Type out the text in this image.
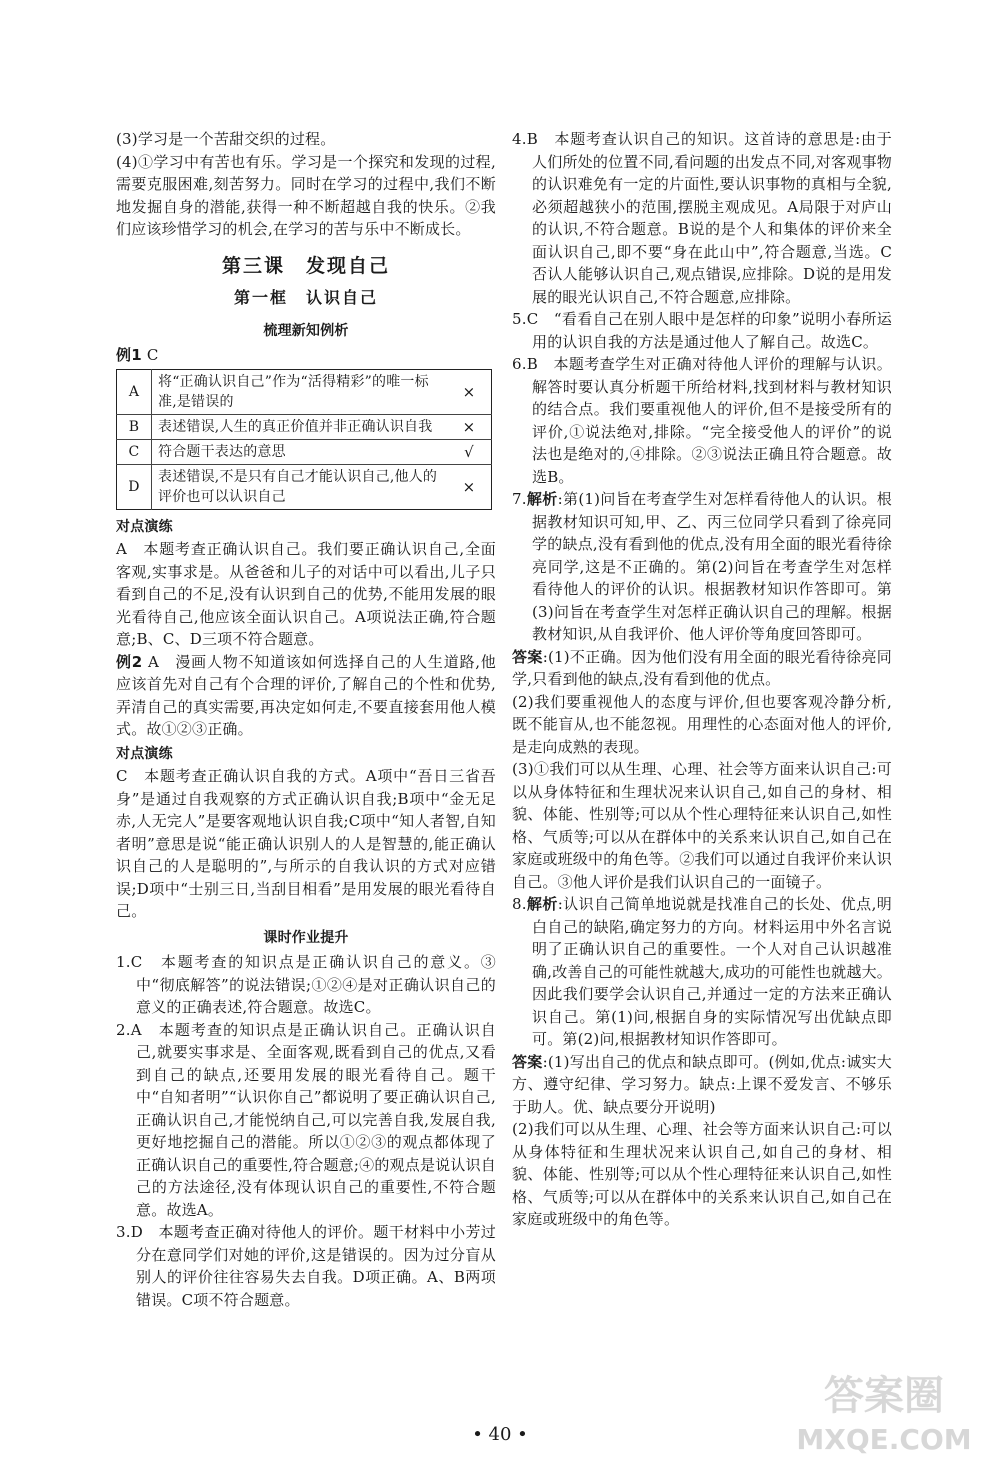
(3)学习是一个苦甜交织的过程。

(4)①学习中有苦也有乐。学习是一个探究和发现的过程,需要克服困难,刻苦努力。同时在学习的过程中,我们不断地发掘自身的潜能,获得一种不断超越自我的快乐。②我们应该珍惜学习的机会,在学习的苦与乐中不断成长。

第三课　发现自己
第一框　认识自己
梳理新知例析

例1 C

A	将“正确认识自己”作为“活得精彩”的唯一标准,是错误的	×
B	表述错误,人生的真正价值并非正确认识自我	×
C	符合题干表达的意思	√
D	表述错误,不是只有自己才能认识自己,他人的评价也可以认识自己	×
对点演练

A　本题考查正确认识自己。我们要正确认识自己,全面客观,实事求是。从爸爸和儿子的对话中可以看出,儿子只看到自己的不足,没有认识到自己的优势,不能用发展的眼光看待自己,他应该全面认识自己。A项说法正确,符合题意;B、C、D三项不符合题意。

例2 A　漫画人物不知道该如何选择自己的人生道路,他应该首先对自己有个合理的评价,了解自己的个性和优势,弄清自己的真实需要,再决定如何走,不要直接套用他人模式。故①②③正确。

对点演练

C　本题考查正确认识自我的方式。A项中“吾日三省吾身”是通过自我观察的方式正确认识自我;B项中“金无足赤,人无完人”是要客观地认识自我;C项中“知人者智,自知者明”意思是说“能正确认识别人的人是智慧的,能正确认识自己的人是聪明的”,与所示的自我认识的方式对应错误;D项中“士别三日,当刮目相看”是用发展的眼光看待自己。

课时作业提升

1.C　本题考查的知识点是正确认识自己的意义。③中“彻底解答”的说法错误;①②④是对正确认识自己的意义的正确表述,符合题意。故选C。

2.A　本题考查的知识点是正确认识自己。正确认识自己,就要实事求是、全面客观,既看到自己的优点,又看到自己的缺点,还要用发展的眼光看待自己。题干中“自知者明”“认识你自己”都说明了要正确认识自己,正确认识自己,才能悦纳自己,可以完善自我,发展自我,更好地挖掘自己的潜能。所以①②③的观点都体现了正确认识自己的重要性,符合题意;④的观点是说认识自己的方法途径,没有体现认识自己的重要性,不符合题意。故选A。

3.D　本题考查正确对待他人的评价。题干材料中小芳过分在意同学们对她的评价,这是错误的。因为过分盲从别人的评价往往容易失去自我。D项正确。A、B两项错误。C项不符合题意。

4.B　本题考查认识自己的知识。这首诗的意思是:由于人们所处的位置不同,看问题的出发点不同,对客观事物的认识难免有一定的片面性,要认识事物的真相与全貌,必须超越狭小的范围,摆脱主观成见。A局限于对庐山的认识,不符合题意。B说的是个人和集体的评价来全面认识自己,即不要“身在此山中”,符合题意,当选。C否认人能够认识自己,观点错误,应排除。D说的是用发展的眼光认识自己,不符合题意,应排除。

5.C　“看看自己在别人眼中是怎样的印象”说明小春所运用的认识自我的方法是通过他人了解自己。故选C。

6.B　本题考查学生对正确对待他人评价的理解与认识。解答时要认真分析题干所给材料,找到材料与教材知识的结合点。我们要重视他人的评价,但不是接受所有的评价,①说法绝对,排除。“完全接受他人的评价”的说法也是绝对的,④排除。②③说法正确且符合题意。故选B。

7.解析:第(1)问旨在考查学生对怎样看待他人的认识。根据教材知识可知,甲、乙、丙三位同学只看到了徐亮同学的缺点,没有看到他的优点,没有用全面的眼光看待徐亮同学,这是不正确的。第(2)问旨在考查学生对怎样看待他人的评价的认识。根据教材知识作答即可。第(3)问旨在考查学生对怎样正确认识自己的理解。根据教材知识,从自我评价、他人评价等角度回答即可。

答案:(1)不正确。因为他们没有用全面的眼光看待徐亮同学,只看到他的缺点,没有看到他的优点。

(2)我们要重视他人的态度与评价,但也要客观冷静分析,既不能盲从,也不能忽视。用理性的心态面对他人的评价,是走向成熟的表现。

(3)①我们可以从生理、心理、社会等方面来认识自己:可以从身体特征和生理状况来认识自己,如自己的身材、相貌、体能、性别等;可以从个性心理特征来认识自己,如性格、气质等;可以从在群体中的关系来认识自己,如自己在家庭或班级中的角色等。②我们可以通过自我评价来认识自己。③他人评价是我们认识自己的一面镜子。

8.解析:认识自己简单地说就是找准自己的长处、优点,明白自己的缺陷,确定努力的方向。材料运用中外名言说明了正确认识自己的重要性。一个人对自己认识越准确,改善自己的可能性就越大,成功的可能性也就越大。因此我们要学会认识自己,并通过一定的方法来正确认识自己。第(1)问,根据自身的实际情况写出优缺点即可。第(2)问,根据教材知识作答即可。

答案:(1)写出自己的优点和缺点即可。(例如,优点:诚实大方、遵守纪律、学习努力。缺点:上课不爱发言、不够乐于助人。优、缺点要分开说明)

(2)我们可以从生理、心理、社会等方面来认识自己:可以从身体特征和生理状况来认识自己,如自己的身材、相貌、体能、性别等;可以从个性心理特征来认识自己,如性格、气质等;可以从在群体中的关系来认识自己,如自己在家庭或班级中的角色等。

• 40 •
答案圈
MXQE.COM
